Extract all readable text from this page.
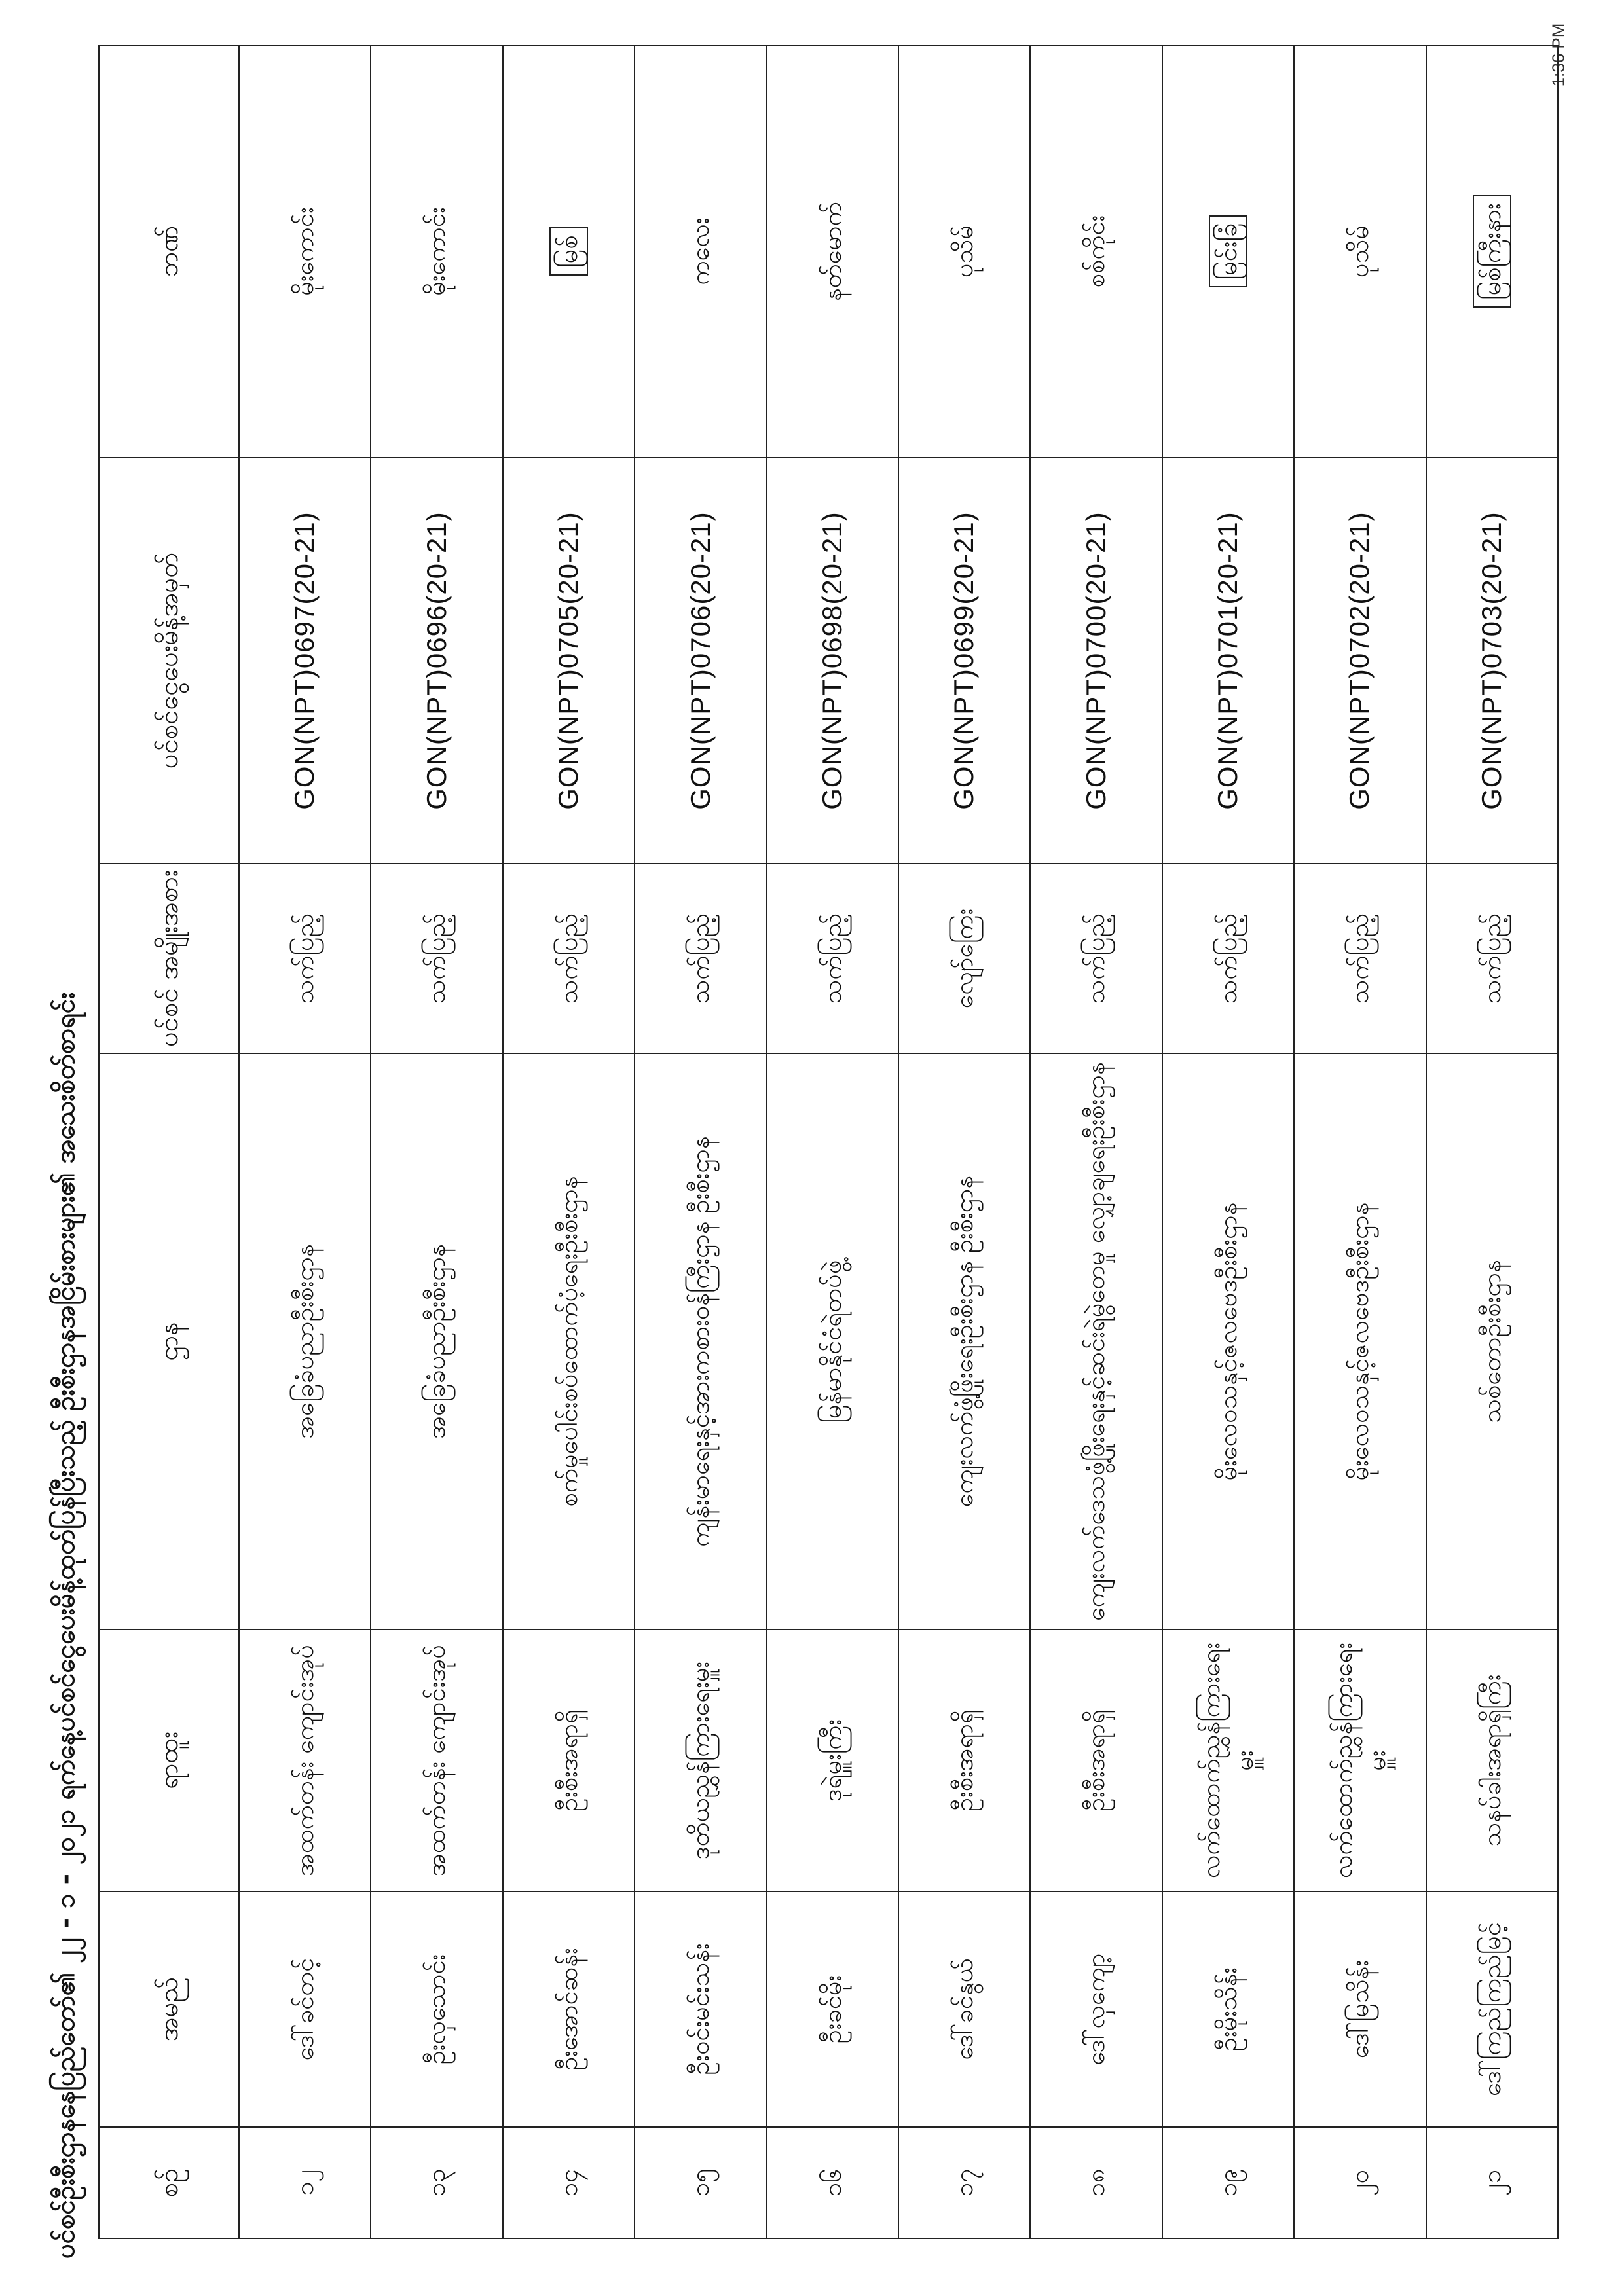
1:36 PM
ပင်စင်ဦးစီးဌာနနေပြည်တော်၏ ၂၂ - ၁ - ၂၀၂၁ ရက်နေ့ပင်စင်ငွေပေးမိန့်ထုတ်ပြန်ပြီးသည့် ဦးစီးဌာနအငြိမ်းစားများ၏ အသေးစိတ်စာရင်း	စဉ်	အမည်	ရာထူး	ဌာန	ပင်စင် အမျိုးအစား	ပင်စင်ငွေပေးမိန့်အမှတ်	ဘဏ်
၁၂	ဒေါ်ခင်တင့်	အထက်တန်း ကျောင်းအုပ်	အခြေခံပညာဦးစီးဌာန	သက်ပြည့်	GON(NPT)0697(20-21)	မိုးကောင်း
၁၃	ဦးလှသောင်း	အထက်တန်း ကျောင်းအုပ်	အခြေခံပညာဦးစီးဌာန	သက်ပြည့်	GON(NPT)0696(20-21)	မိုးကောင်း
၁၄	ဦးအောင်ဆန်း	ဦးစီးအရာရှိ	စက်မှုပေါင်းစပ်ထောက်ပံ့ရေးဦးစီးဌာန	သက်ပြည့်	GON(NPT)0705(20-21)	မြစ်
၁၅	ဦးဝင်းမင်းသန်း	ဒုတိယညွှန်ကြားရေးမှူး	ကျန်းမာရေးနှင့်အားကစားဝန်ကြီးဌာန ဦးစီးဌာန	သက်ပြည့်	GON(NPT)0706(20-21)	ကလေး
၁၆	ဦးခင်မိုး	ဒုရဲမှူးကြီး	မြန်မာနိုင်ငံရဲတပ်ဖွဲ့	သက်ပြည့်	GON(NPT)0698(20-21)	နတ်မောက်
၁၇	ဒေါ်ခင်နွယ်	ဦးစီးအရာရှိ	ကျေးလက်ဖွံ့ဖြိုးရေးဦးစီးဌာန ဦးစီးဌာန	လျော်ကြေး	GON(NPT)0699(20-21)	ပုသိမ်
၁၈	ဒေါ်လှကျော့	ဦးစီးအရာရှိ	ကျေးလက်ဒေသဖွံ့ဖြိုးရေးနှင့်ဆင်းရဲမွဲတေမှု လျှော့ချရေးဦးစီးဌာန	သက်ပြည့်	GON(NPT)0700(20-21)	စစ်ကိုင်း
၁၉	ဦးမိုးသိန်း	လက်ထောက်ညွှန်ကြားရေးမှူး	မိုးလေဝသနှင့်ဇလဗေဒဦးစီးဌာန	သက်ပြည့်	GON(NPT)0701(20-21)	မြင်းခြံ
၂၀	ဒေါ်မြသိန်း	လက်ထောက်ညွှန်ကြားရေးမှူး	မိုးလေဝသနှင့်ဇလဗေဒဦးစီးဌာန	သက်ပြည့်	GON(NPT)0702(20-21)	ပုသိမ်
၂၁	ဒေါ်ကြည်ကြည်မြင့်	သနပ်ခါးအရာရှိကြီး	သစ်တောဦးစီးဌာန	သက်ပြည့်	GON(NPT)0703(20-21)	မြစ်ကြီးနား
